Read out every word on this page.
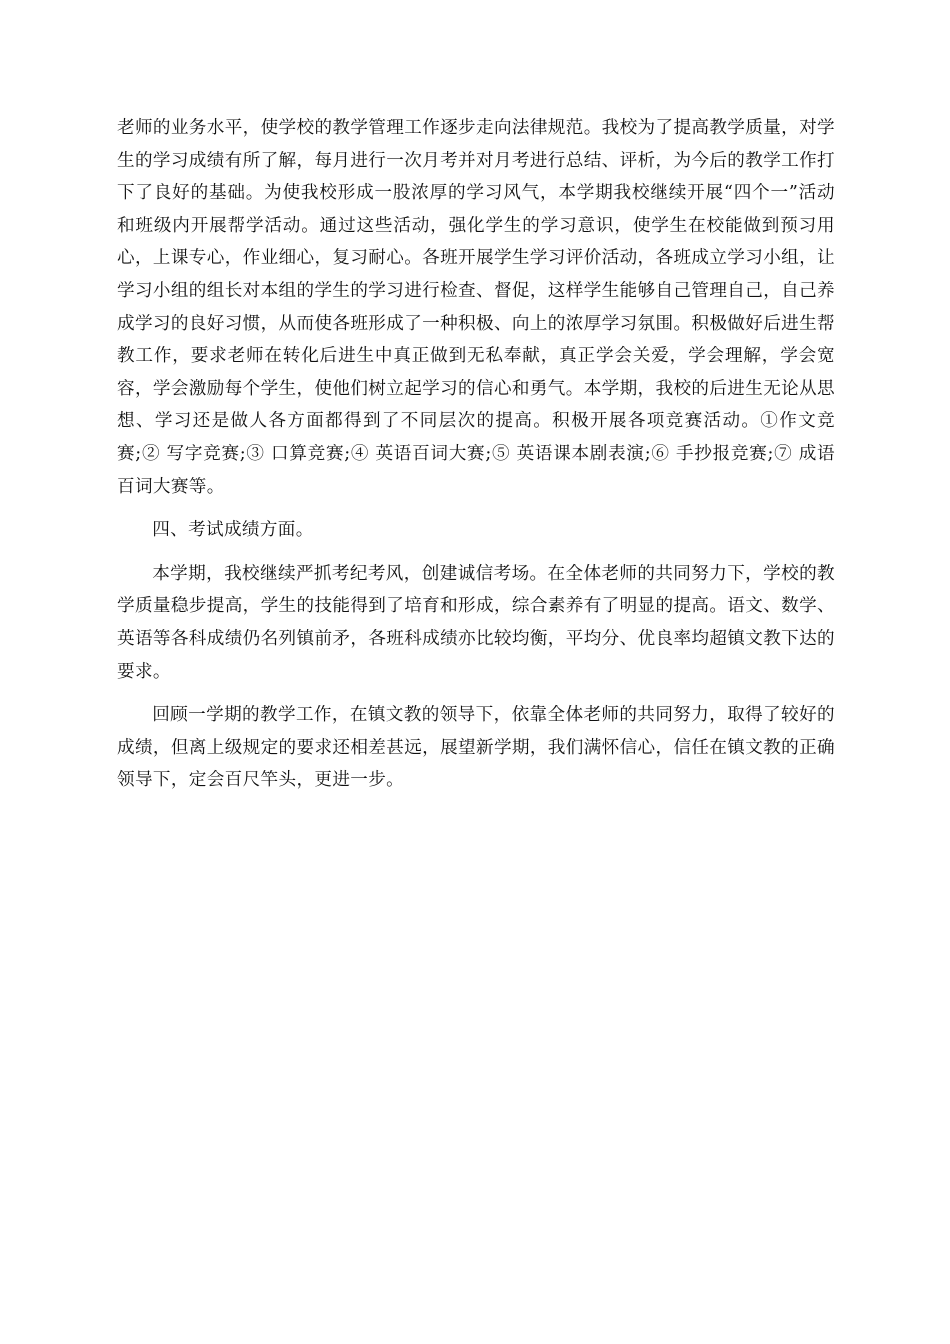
老师的业务水平，使学校的教学管理工作逐步走向法律规范。我校为了提高教学质量，对学生的学习成绩有所了解，每月进行一次月考并对月考进行总结、评析，为今后的教学工作打下了良好的基础。为使我校形成一股浓厚的学习风气，本学期我校继续开展“四个一”活动和班级内开展帮学活动。通过这些活动，强化学生的学习意识，使学生在校能做到预习用心，上课专心，作业细心，复习耐心。各班开展学生学习评价活动，各班成立学习小组，让学习小组的组长对本组的学生的学习进行检查、督促，这样学生能够自己管理自己，自己养成学习的良好习惯，从而使各班形成了一种积极、向上的浓厚学习氛围。积极做好后进生帮教工作，要求老师在转化后进生中真正做到无私奉献，真正学会关爱，学会理解，学会宽容，学会激励每个学生，使他们树立起学习的信心和勇气。本学期，我校的后进生无论从思想、学习还是做人各方面都得到了不同层次的提高。积极开展各项竞赛活动。①作文竞赛;② 写字竞赛;③ 口算竞赛;④ 英语百词大赛;⑤ 英语课本剧表演;⑥ 手抄报竞赛;⑦ 成语百词大赛等。

四、考试成绩方面。

本学期，我校继续严抓考纪考风，创建诚信考场。在全体老师的共同努力下，学校的教学质量稳步提高，学生的技能得到了培育和形成，综合素养有了明显的提高。语文、数学、英语等各科成绩仍名列镇前矛，各班科成绩亦比较均衡，平均分、优良率均超镇文教下达的要求。

回顾一学期的教学工作，在镇文教的领导下，依靠全体老师的共同努力，取得了较好的成绩，但离上级规定的要求还相差甚远，展望新学期，我们满怀信心，信任在镇文教的正确领导下，定会百尺竿头，更进一步。
